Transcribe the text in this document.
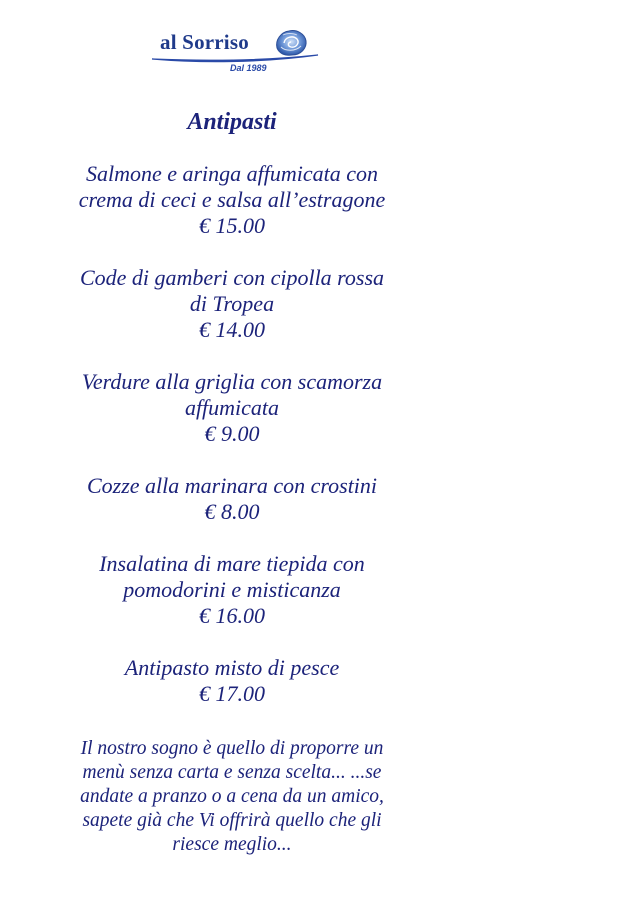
al Sorriso
Dal 1989
Antipasti
Salmone e aringa affumicata con
crema di ceci e salsa all’estragone
€ 15.00
Code di gamberi con cipolla rossa
di Tropea
€ 14.00
Verdure alla griglia con scamorza
affumicata
€ 9.00
Cozze alla marinara con crostini
€ 8.00
Insalatina di mare tiepida con
pomodorini e misticanza
€ 16.00
Antipasto misto di pesce
€ 17.00
Il nostro sogno è quello di proporre un
menù senza carta e senza scelta... ...se
andate a pranzo o a cena da un amico,
sapete già che Vi offrirà quello che gli
riesce meglio...
